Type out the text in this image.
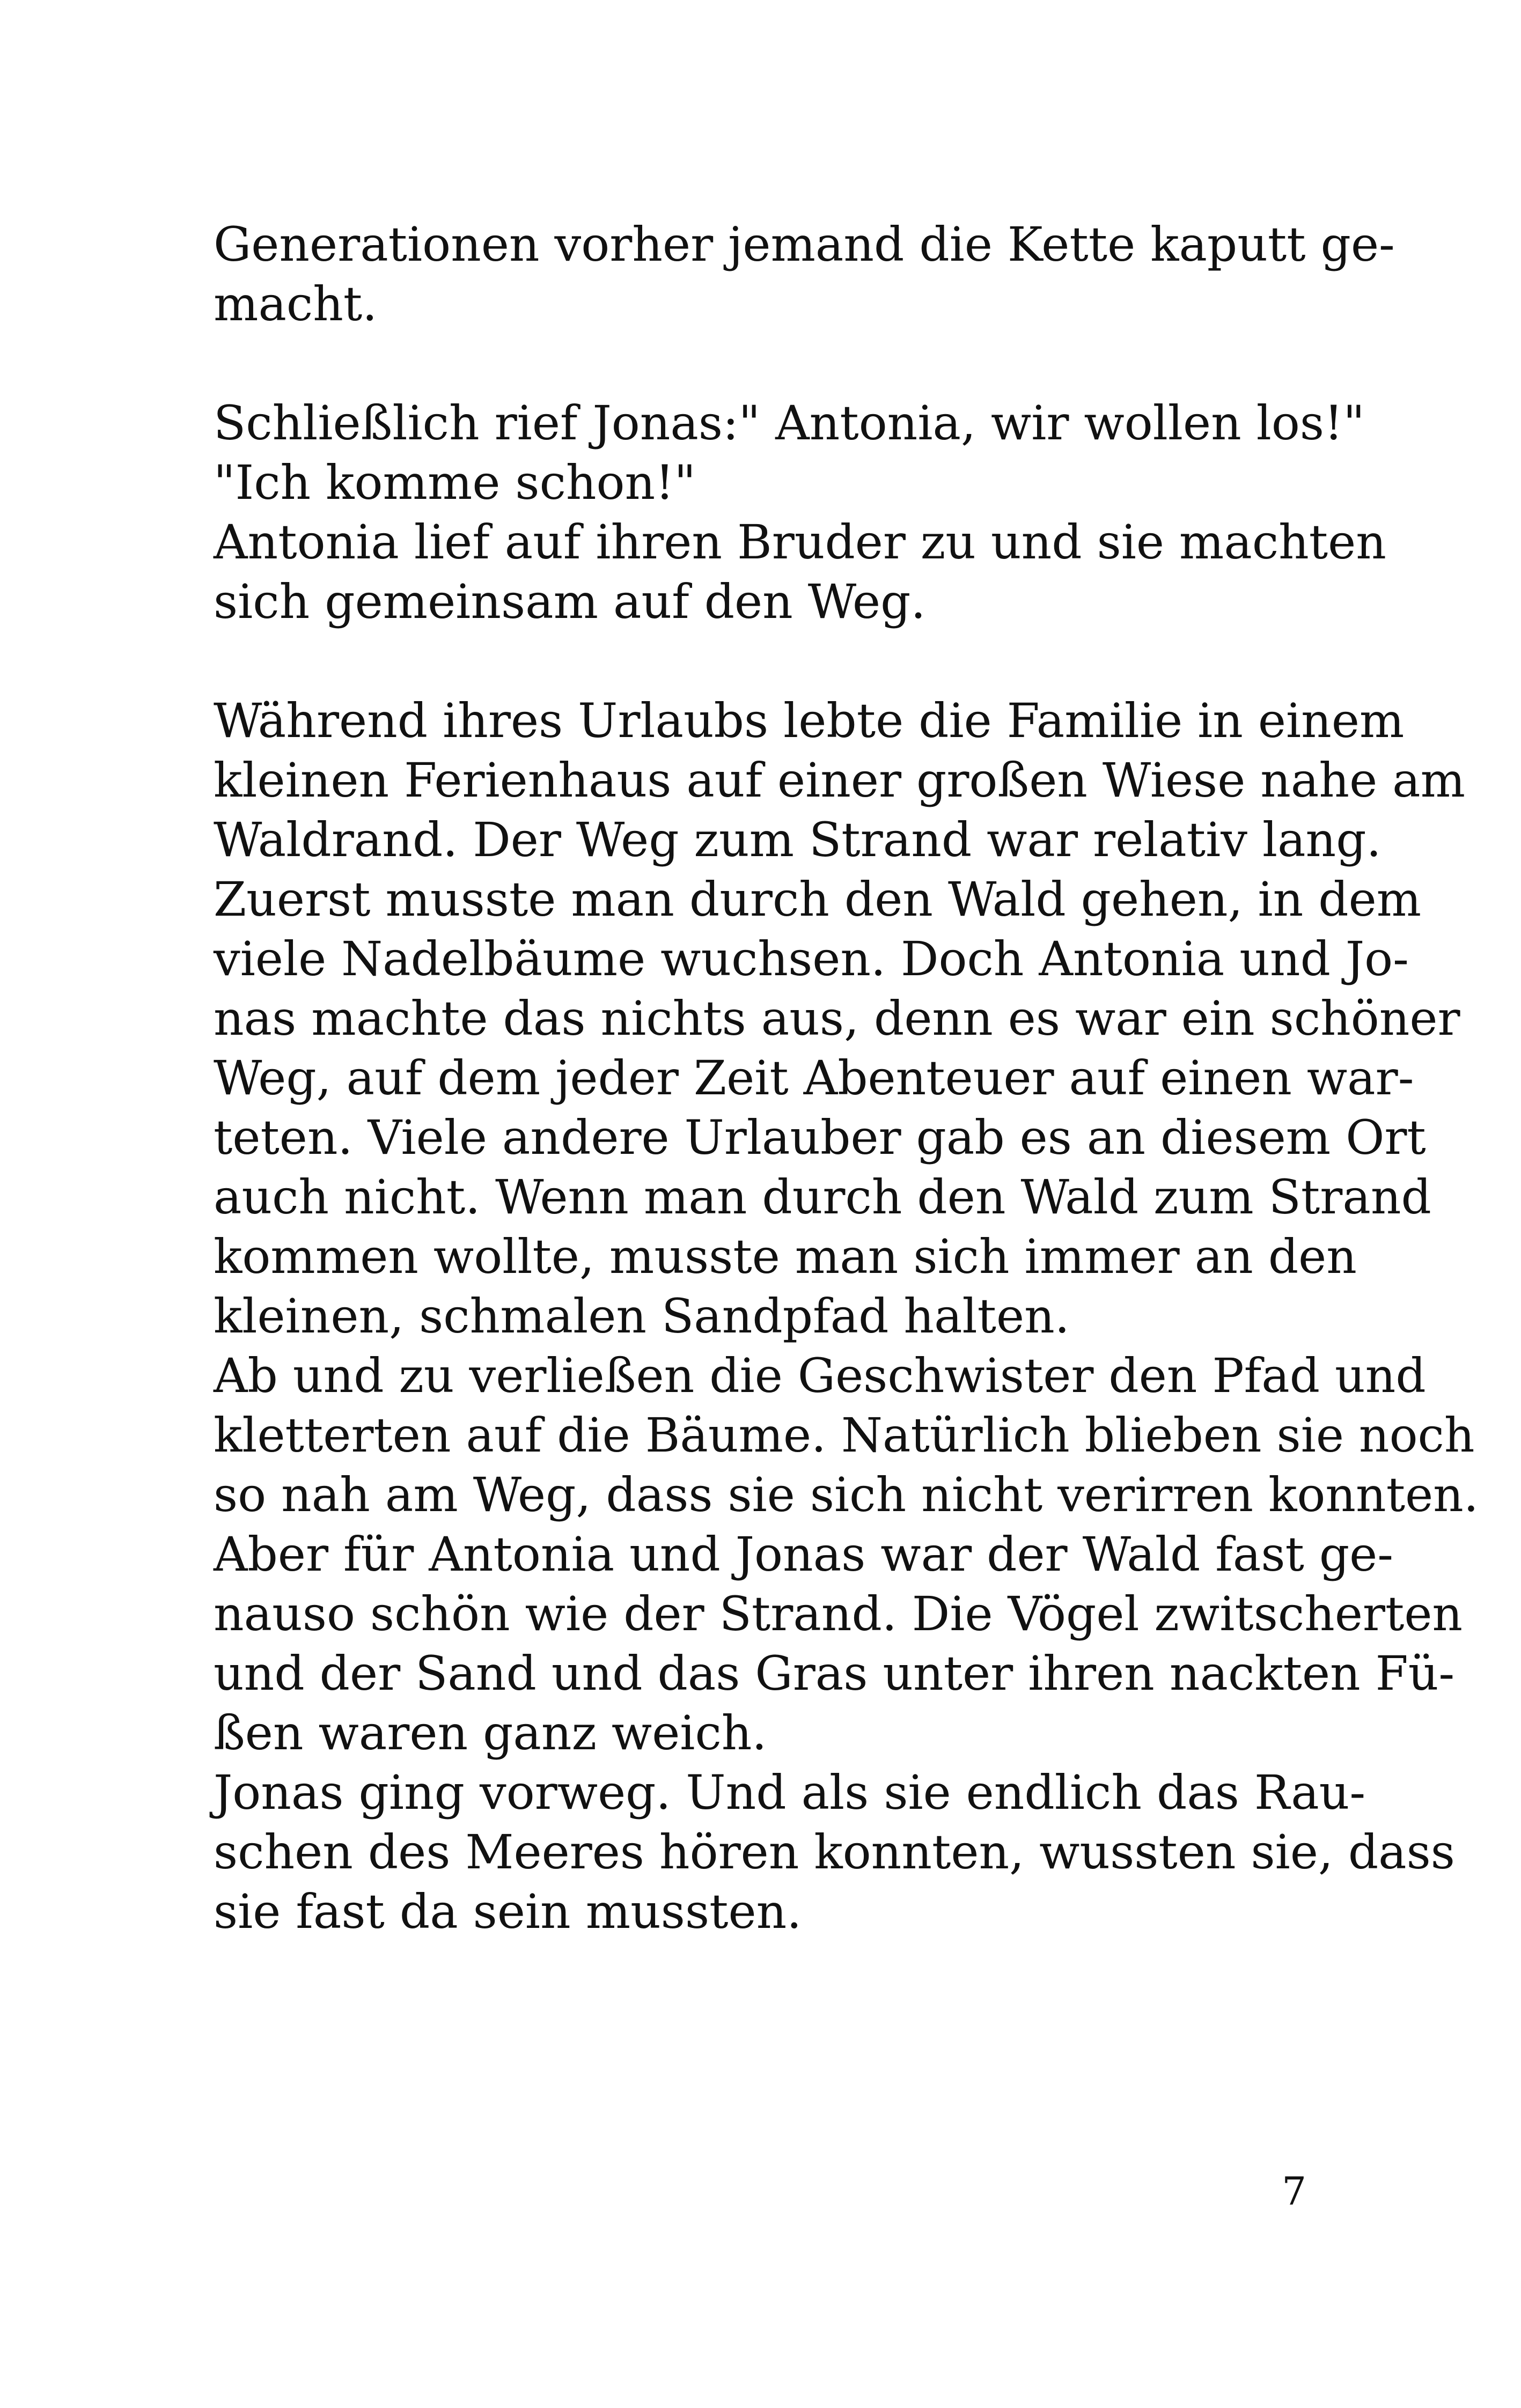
Generationen vorher jemand die Kette kaputt ge-
macht.
Schließlich rief Jonas:" Antonia, wir wollen los!"
"Ich komme schon!"
Antonia lief auf ihren Bruder zu und sie machten
sich gemeinsam auf den Weg.
Während ihres Urlaubs lebte die Familie in einem
kleinen Ferienhaus auf einer großen Wiese nahe am
Waldrand. Der Weg zum Strand war relativ lang.
Zuerst musste man durch den Wald gehen, in dem
viele Nadelbäume wuchsen. Doch Antonia und Jo-
nas machte das nichts aus, denn es war ein schöner
Weg, auf dem jeder Zeit Abenteuer auf einen war-
teten. Viele andere Urlauber gab es an diesem Ort
auch nicht. Wenn man durch den Wald zum Strand
kommen wollte, musste man sich immer an den
kleinen, schmalen Sandpfad halten.
Ab und zu verließen die Geschwister den Pfad und
kletterten auf die Bäume. Natürlich blieben sie noch
so nah am Weg, dass sie sich nicht verirren konnten.
Aber für Antonia und Jonas war der Wald fast ge-
nauso schön wie der Strand. Die Vögel zwitscherten
und der Sand und das Gras unter ihren nackten Fü-
ßen waren ganz weich.
Jonas ging vorweg. Und als sie endlich das Rau-
schen des Meeres hören konnten, wussten sie, dass
sie fast da sein mussten.
7
